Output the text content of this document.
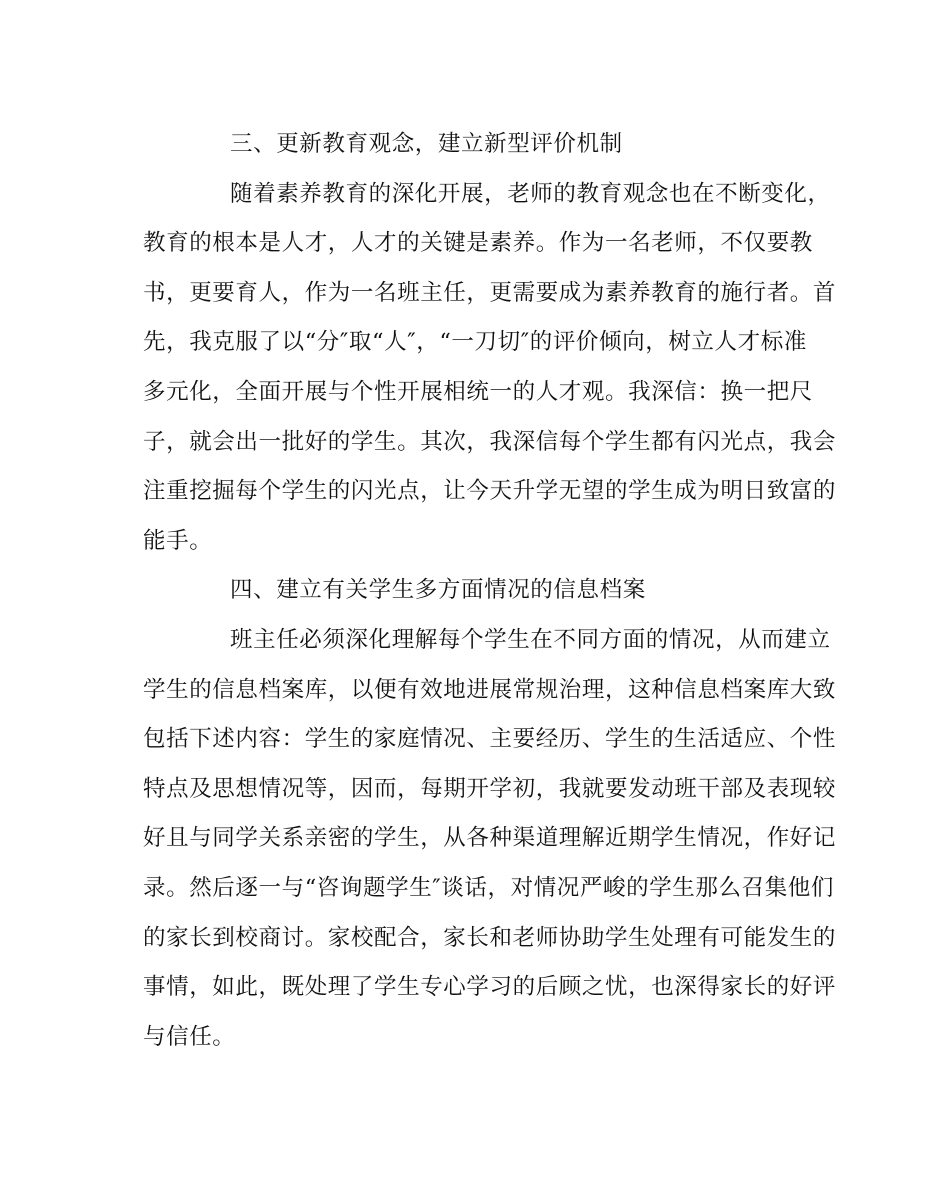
三、更新教育观念，建立新型评价机制
随着素养教育的深化开展，老师的教育观念也在不断变化，
教育的根本是人才，人才的关键是素养。作为一名老师，不仅要教
书，更要育人，作为一名班主任，更需要成为素养教育的施行者。首
先，我克服了以“分″取“人″，“一刀切″的评价倾向，树立人才标准
多元化，全面开展与个性开展相统一的人才观。我深信：换一把尺
子，就会出一批好的学生。其次，我深信每个学生都有闪光点，我会
注重挖掘每个学生的闪光点，让今天升学无望的学生成为明日致富的
能手。
四、建立有关学生多方面情况的信息档案
班主任必须深化理解每个学生在不同方面的情况，从而建立
学生的信息档案库，以便有效地进展常规治理，这种信息档案库大致
包括下述内容：学生的家庭情况、主要经历、学生的生活适应、个性
特点及思想情况等，因而，每期开学初，我就要发动班干部及表现较
好且与同学关系亲密的学生，从各种渠道理解近期学生情况，作好记
录。然后逐一与“咨询题学生″谈话，对情况严峻的学生那么召集他们
的家长到校商讨。家校配合，家长和老师协助学生处理有可能发生的
事情，如此，既处理了学生专心学习的后顾之忧，也深得家长的好评
与信任。
